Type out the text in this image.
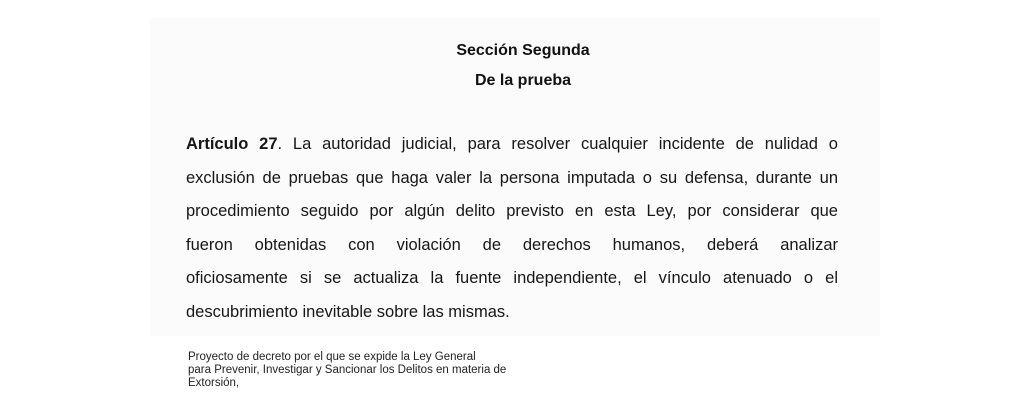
Sección Segunda
De la prueba
Artículo 27. La autoridad judicial, para resolver cualquier incidente de nulidad o
exclusión de pruebas que haga valer la persona imputada o su defensa, durante un
procedimiento seguido por algún delito previsto en esta Ley, por considerar que
fueron obtenidas con violación de derechos humanos, deberá analizar
oficiosamente si se actualiza la fuente independiente, el vínculo atenuado o el
descubrimiento inevitable sobre las mismas.
Proyecto de decreto por el que se expide la Ley General
para Prevenir, Investigar y Sancionar los Delitos en materia de
Extorsión,
